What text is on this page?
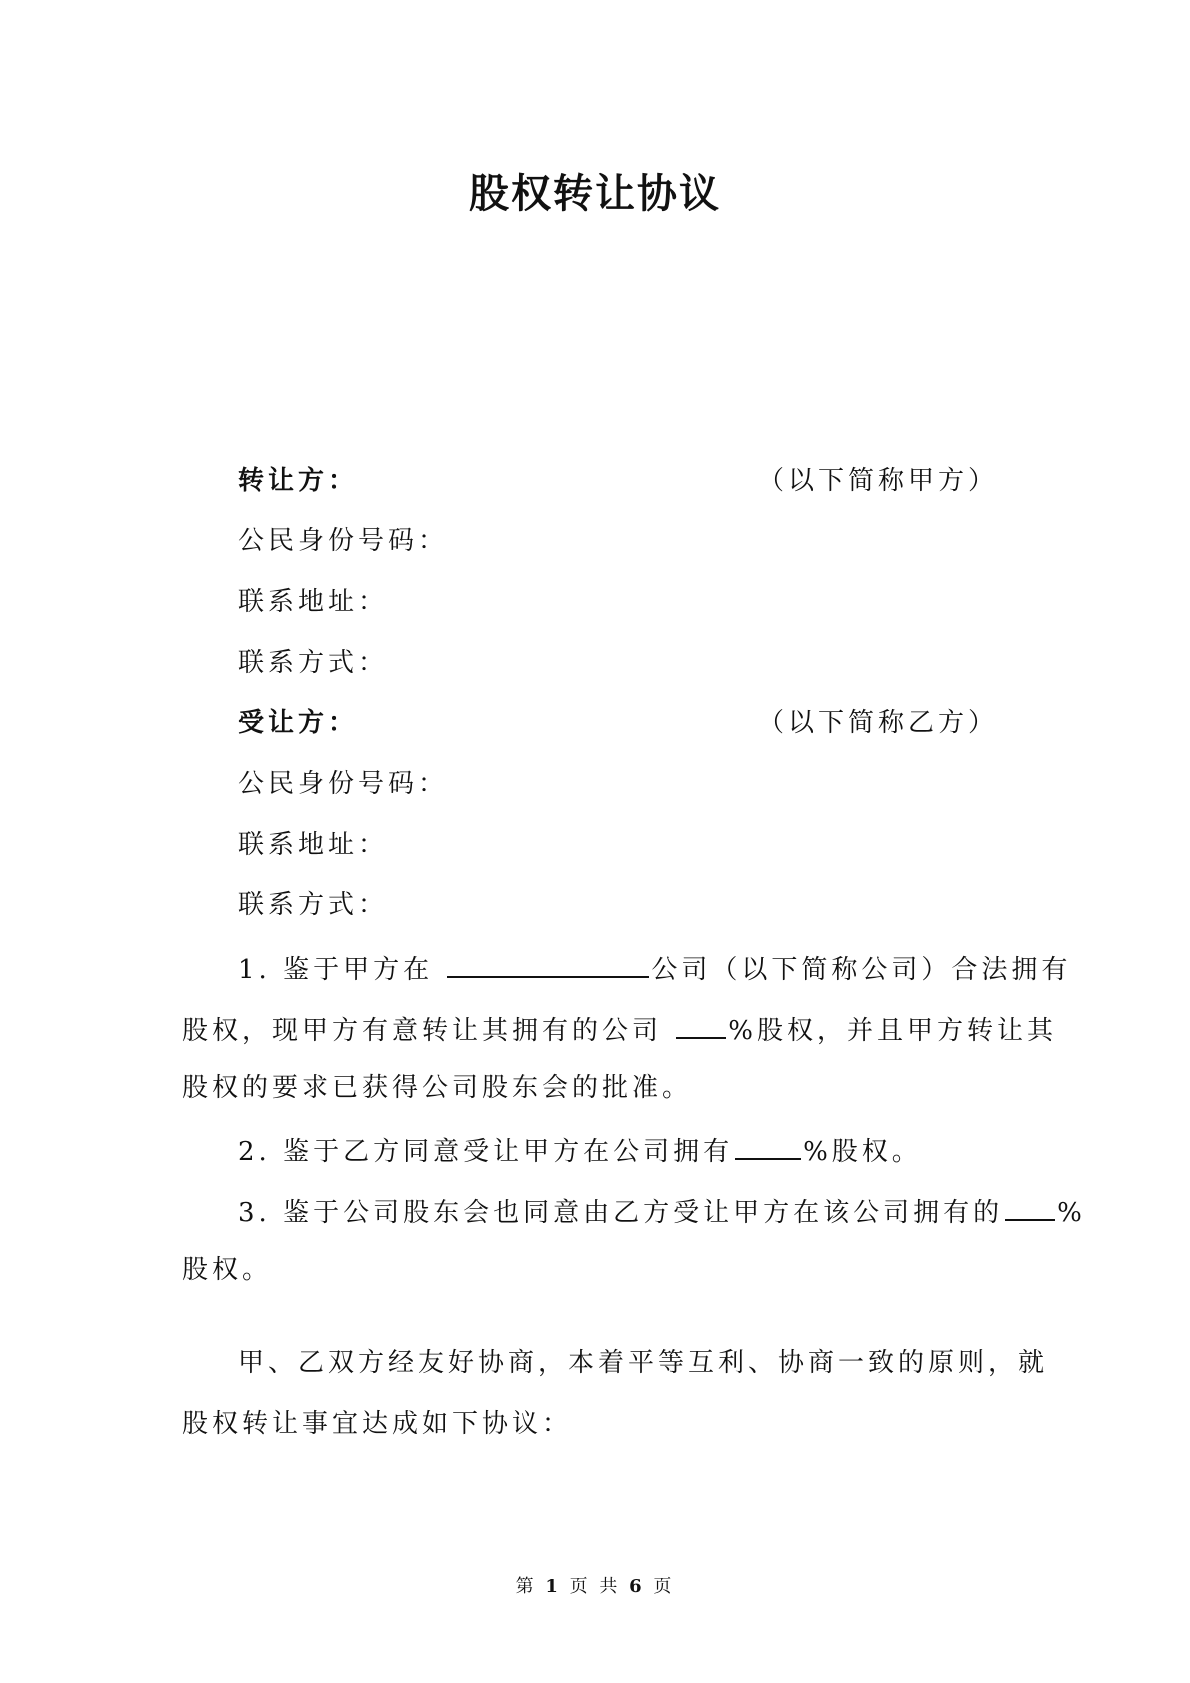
股权转让协议
转让方：	（以下简称甲方）
公民身份号码：
联系地址：
联系方式：
受让方：	（以下简称乙方）
公民身份号码：
联系地址：
联系方式：
1. 鉴于甲方在	公司（以下简称公司）合法拥有
股权，现甲方有意转让其拥有的公司 %股权，并且甲方转让其
股权的要求已获得公司股东会的批准。
2. 鉴于乙方同意受让甲方在公司拥有	%股权。
3. 鉴于公司股东会也同意由乙方受让甲方在该公司拥有的 %
股权。
甲、乙双方经友好协商，本着平等互利、协商一致的原则，就
股权转让事宜达成如下协议：
第 1 页 共 6 页
